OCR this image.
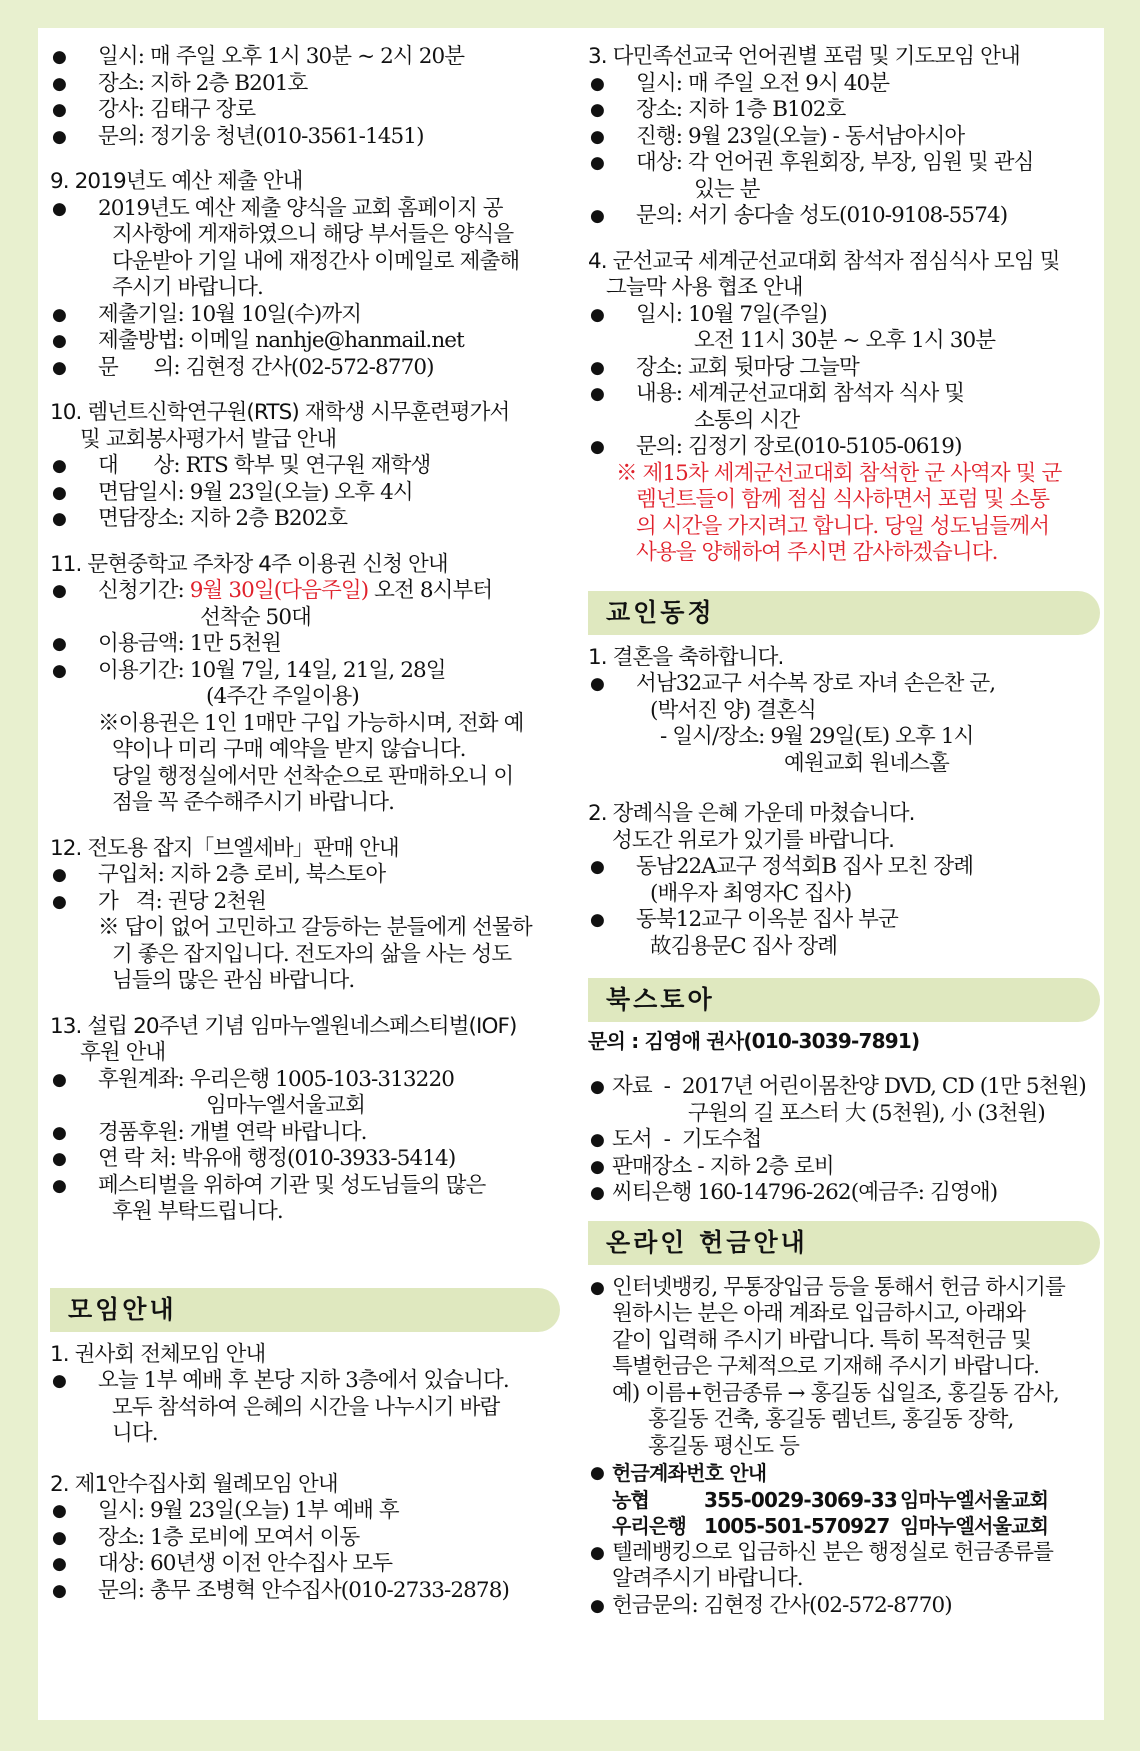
● 일시: 매 주일 오후 1시 30분 ~ 2시 20분
● 장소: 지하 2층 B201호
● 강사: 김태구 장로
● 문의: 정기웅 청년(010-3561-1451)
9. 2019년도 예산 제출 안내
● 2019년도 예산 제출 양식을 교회 홈페이지 공
지사항에 게재하였으니 해당 부서들은 양식을
다운받아 기일 내에 재정간사 이메일로 제출해
주시기 바랍니다.
● 제출기일: 10월 10일(수)까지
● 제출방법: 이메일 nanhje@hanmail.net
● 문      의: 김현정 간사(02-572-8770)
10. 렘넌트신학연구원(RTS) 재학생 시무훈련평가서
및 교회봉사평가서 발급 안내
● 대      상: RTS 학부 및 연구원 재학생
● 면담일시: 9월 23일(오늘) 오후 4시
● 면담장소: 지하 2층 B202호
11. 문현중학교 주차장 4주 이용권 신청 안내
● 신청기간: 9월 30일(다음주일) 오전 8시부터
선착순 50대
● 이용금액: 1만 5천원
● 이용기간: 10월 7일, 14일, 21일, 28일
(4주간 주일이용)
※이용권은 1인 1매만 구입 가능하시며, 전화 예
약이나 미리 구매 예약을 받지 않습니다.
당일 행정실에서만 선착순으로 판매하오니 이
점을 꼭 준수해주시기 바랍니다.
12. 전도용 잡지「브엘세바」판매 안내
● 구입처: 지하 2층 로비, 북스토아
● 가   격: 권당 2천원
※ 답이 없어 고민하고 갈등하는 분들에게 선물하
기 좋은 잡지입니다. 전도자의 삶을 사는 성도
님들의 많은 관심 바랍니다.
13. 설립 20주년 기념 임마누엘원네스페스티벌(IOF)
후원 안내
● 후원계좌: 우리은행 1005-103-313220
임마누엘서울교회
● 경품후원: 개별 연락 바랍니다.
● 연 락 처: 박유애 행정(010-3933-5414)
● 페스티벌을 위하여 기관 및 성도님들의 많은
후원 부탁드립니다.
모임안내
1. 권사회 전체모임 안내
● 오늘 1부 예배 후 본당 지하 3층에서 있습니다.
모두 참석하여 은혜의 시간을 나누시기 바랍
니다.
2. 제1안수집사회 월례모임 안내
● 일시: 9월 23일(오늘) 1부 예배 후
● 장소: 1층 로비에 모여서 이동
● 대상: 60년생 이전 안수집사 모두
● 문의: 총무 조병혁 안수집사(010-2733-2878)
3. 다민족선교국 언어권별 포럼 및 기도모임 안내
● 일시: 매 주일 오전 9시 40분
● 장소: 지하 1층 B102호
● 진행: 9월 23일(오늘) - 동서남아시아
● 대상: 각 언어권 후원회장, 부장, 임원 및 관심
있는 분
● 문의: 서기 송다솔 성도(010-9108-5574)
4. 군선교국 세계군선교대회 참석자 점심식사 모임 및
그늘막 사용 협조 안내
● 일시: 10월 7일(주일)
오전 11시 30분 ~ 오후 1시 30분
● 장소: 교회 뒷마당 그늘막
● 내용: 세계군선교대회 참석자 식사 및
소통의 시간
● 문의: 김정기 장로(010-5105-0619)
※ 제15차 세계군선교대회 참석한 군 사역자 및 군
렘넌트들이 함께 점심 식사하면서 포럼 및 소통
의 시간을 가지려고 합니다. 당일 성도님들께서
사용을 양해하여 주시면 감사하겠습니다.
교인동정
1. 결혼을 축하합니다.
● 서남32교구 서수복 장로 자녀 손은찬 군,
(박서진 양) 결혼식
- 일시/장소: 9월 29일(토) 오후 1시
예원교회 원네스홀
2. 장례식을 은혜 가운데 마쳤습니다.
성도간 위로가 있기를 바랍니다.
● 동남22A교구 정석회B 집사 모친 장례
(배우자 최영자C 집사)
● 동북12교구 이옥분 집사 부군
故김용문C 집사 장례
북스토아
문의 : 김영애 권사(010-3039-7891)
● 자료  -  2017년 어린이몸찬양 DVD, CD (1만 5천원)
구원의 길 포스터 大 (5천원), 小 (3천원)
● 도서  -  기도수첩
● 판매장소 - 지하 2층 로비
● 씨티은행 160-14796-262(예금주: 김영애)
온라인 헌금안내
● 인터넷뱅킹, 무통장입금 등을 통해서 헌금 하시기를
원하시는 분은 아래 계좌로 입금하시고, 아래와
같이 입력해 주시기 바랍니다. 특히 목적헌금 및
특별헌금은 구체적으로 기재해 주시기 바랍니다.
예) 이름+헌금종류 → 홍길동 십일조, 홍길동 감사,
홍길동 건축, 홍길동 렘넌트, 홍길동 장학,
홍길동 평신도 등
● 헌금계좌번호 안내
농협	355-0029-3069-33 임마누엘서울교회
우리은행 1005-501-570927 임마누엘서울교회
● 텔레뱅킹으로 입금하신 분은 행정실로 헌금종류를
알려주시기 바랍니다.
● 헌금문의: 김현정 간사(02-572-8770)
